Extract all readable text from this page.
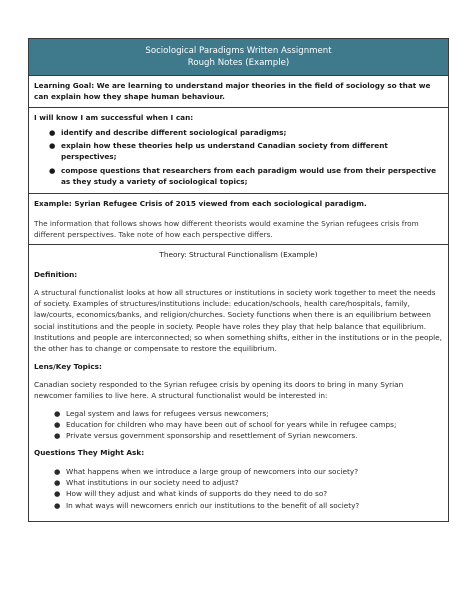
Sociological Paradigms Written Assignment
Rough Notes (Example)
Learning Goal: We are learning to understand major theories in the field of sociology so that we can explain how they shape human behaviour.
I will know I am successful when I can:
● identify and describe different sociological paradigms;
● explain how these theories help us understand Canadian society from different perspectives;
● compose questions that researchers from each paradigm would use from their perspective as they study a variety of sociological topics;
Example: Syrian Refugee Crisis of 2015 viewed from each sociological paradigm.
The information that follows shows how different theorists would examine the Syrian refugees crisis from different perspectives. Take note of how each perspective differs.
Theory: Structural Functionalism (Example)
Definition:
A structural functionalist looks at how all structures or institutions in society work together to meet the needs of society. Examples of structures/institutions include: education/schools, health care/hospitals, family, law/courts, economics/banks, and religion/churches. Society functions when there is an equilibrium between social institutions and the people in society. People have roles they play that help balance that equilibrium. Institutions and people are interconnected; so when something shifts, either in the institutions or in the people, the other has to change or compensate to restore the equilibrium.
Lens/Key Topics:
Canadian society responded to the Syrian refugee crisis by opening its doors to bring in many Syrian newcomer families to live here. A structural functionalist would be interested in:
● Legal system and laws for refugees versus newcomers;
● Education for children who may have been out of school for years while in refugee camps;
● Private versus government sponsorship and resettlement of Syrian newcomers.
Questions They Might Ask:
● What happens when we introduce a large group of newcomers into our society?
● What institutions in our society need to adjust?
● How will they adjust and what kinds of supports do they need to do so?
● In what ways will newcomers enrich our institutions to the benefit of all society?
